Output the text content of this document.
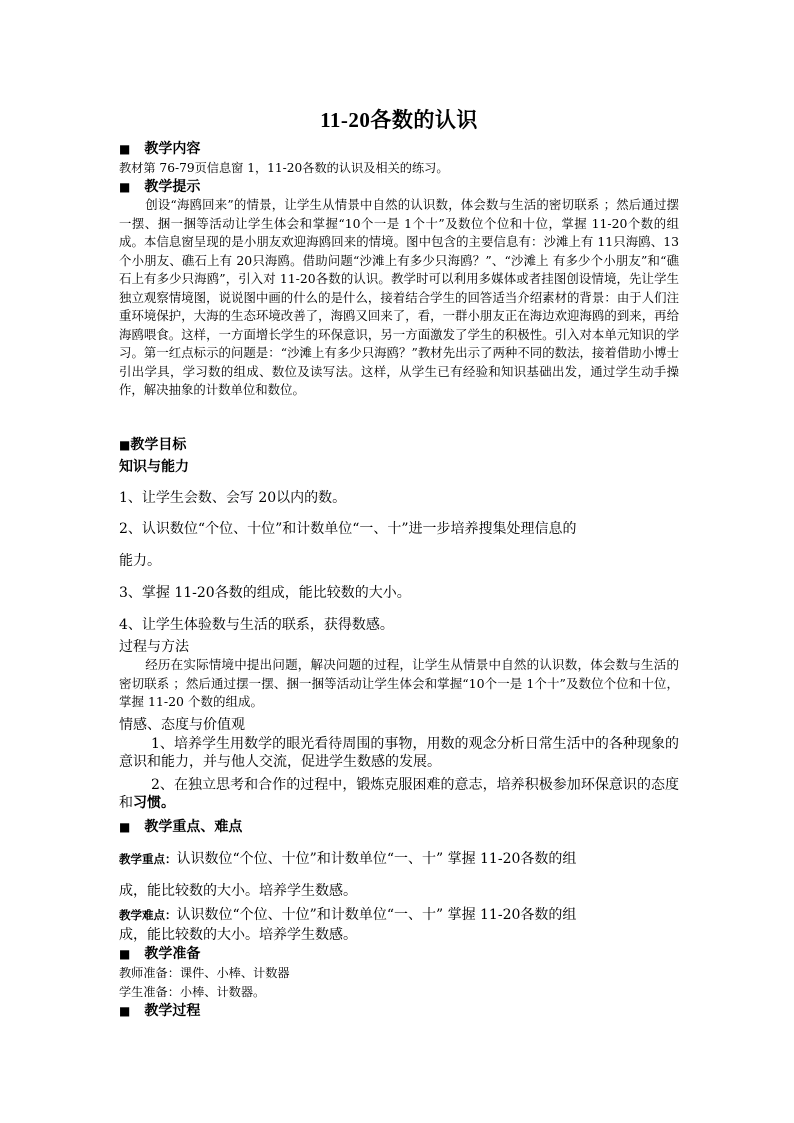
11-20各数的认识
■ 教学内容
教材第 76-79页信息窗 1，11-20各数的认识及相关的练习。
■ 教学提示
创设“海鸥回来”的情景，让学生从情景中自然的认识数，体会数与生活的密切联系 ；然后通过摆一摆、捆一捆等活动让学生体会和掌握“10个一是 1个十”及数位个位和十位，掌握 11-20个数的组成。本信息窗呈现的是小朋友欢迎海鸥回来的情境。图中包含的主要信息有：沙滩上有 11只海鸥、13个小朋友、礁石上有 20只海鸥。借助问题“沙滩上有多少只海鸥？”、“沙滩上 有多少个小朋友”和“礁石上有多少只海鸥”，引入对 11-20各数的认识。教学时可以利用多媒体或者挂图创设情境，先让学生独立观察情境图，说说图中画的什么的是什么，接着结合学生的回答适当介绍素材的背景：由于人们注重环境保护，大海的生态环境改善了，海鸥又回来了，看，一群小朋友正在海边欢迎海鸥的到来，再给海鸥喂食。这样，一方面增长学生的环保意识，另一方面激发了学生的积极性。引入对本单元知识的学习。第一红点标示的问题是：“沙滩上有多少只海鸥？”教材先出示了两种不同的数法，接着借助小博士引出学具，学习数的组成、数位及读写法。这样，从学生已有经验和知识基础出发，通过学生动手操作，解决抽象的计数单位和数位。
■教学目标
知识与能力
1、让学生会数、会写 20以内的数。
2、认识数位“个位、十位”和计数单位“一、十”进一步培养搜集处理信息的
能力。
3、掌握 11-20各数的组成，能比较数的大小。
4、让学生体验数与生活的联系，获得数感。
过程与方法
经历在实际情境中提出问题，解决问题的过程，让学生从情景中自然的认识数，体会数与生活的密切联系 ；然后通过摆一摆、捆一捆等活动让学生体会和掌握“10个一是 1个十”及数位个位和十位，掌握 11-20 个数的组成。
情感、态度与价值观
1、培养学生用数学的眼光看待周围的事物，用数的观念分析日常生活中的各种现象的意识和能力，并与他人交流，促进学生数感的发展。
2、在独立思考和合作的过程中，锻炼克服困难的意志，培养积极参加环保意识的态度和习惯。
■ 教学重点、难点
教学重点：认识数位“个位、十位”和计数单位“一、十” 掌握 11-20各数的组
成，能比较数的大小。培养学生数感。
教学难点：认识数位“个位、十位”和计数单位“一、十” 掌握 11-20各数的组
成，能比较数的大小。培养学生数感。
■ 教学准备
教师准备：课件、小棒、计数器
学生准备：小棒、计数器。
■ 教学过程
